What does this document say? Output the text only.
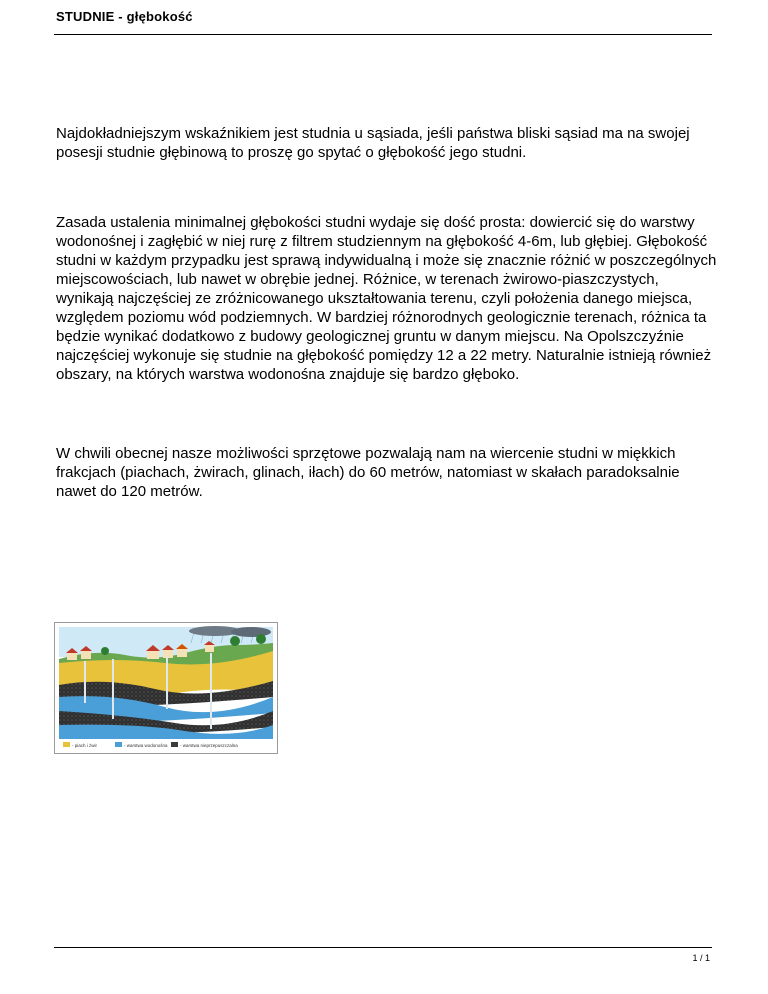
STUDNIE - głębokość

Najdokładniejszym wskaźnikiem jest studnia u sąsiada, jeśli państwa bliski sąsiad ma na swojej posesji studnie głębinową to proszę go spytać o głębokość jego studni.

Zasada ustalenia minimalnej głębokości studni wydaje się dość prosta: dowiercić się do warstwy wodonośnej i zagłębić w niej rurę z filtrem studziennym na głębokość 4-6m, lub głębiej. Głębokość studni w każdym przypadku jest sprawą indywidualną i może się znacznie różnić w poszczególnych miejscowościach, lub nawet w obrębie jednej. Różnice, w terenach żwirowo-piaszczystych, wynikają najczęściej ze zróżnicowanego ukształtowania terenu, czyli położenia danego miejsca, względem poziomu wód podziemnych. W bardziej różnorodnych geologicznie terenach, różnica ta będzie wynikać dodatkowo z budowy geologicznej gruntu w danym miejscu. Na Opolszczyźnie najczęściej wykonuje się studnie na głębokość pomiędzy 12 a 22 metry. Naturalnie istnieją również obszary, na których warstwa wodonośna znajduje się bardzo głęboko.

W chwili obecnej nasze możliwości sprzętowe pozwalają nam na wiercenie studni w miękkich frakcjach (piachach, żwirach, glinach, iłach) do 60 metrów, natomiast w skałach paradoksalnie nawet do 120 metrów.

- piach i żwir	- warstwa wodonośna	- warstwa nieprzepuszczalna
1 / 1
